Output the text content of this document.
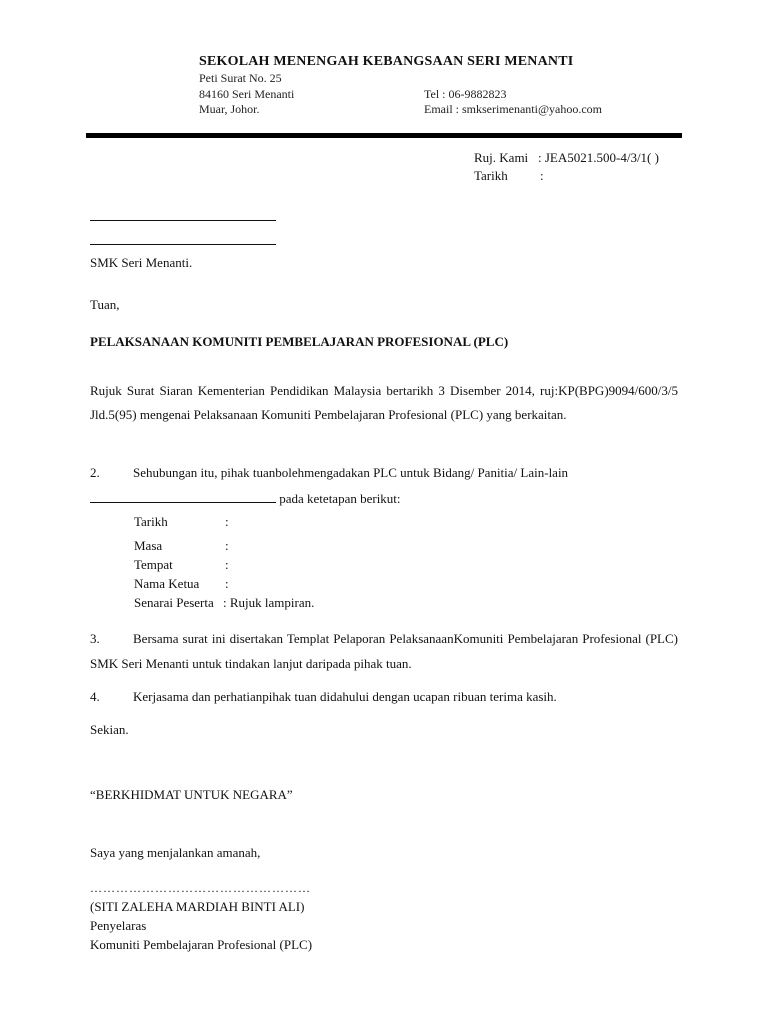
SEKOLAH MENENGAH KEBANGSAAN SERI MENANTI
Peti Surat No. 25
84160 Seri Menanti
Muar, Johor.
Tel : 06-9882823
Email : smkserimenanti@yahoo.com
Ruj. Kami : JEA5021.500-4/3/1( )
Tarikh :
SMK Seri Menanti.
Tuan,
PELAKSANAAN KOMUNITI PEMBELAJARAN PROFESIONAL (PLC)
Rujuk Surat Siaran Kementerian Pendidikan Malaysia bertarikh 3 Disember 2014, ruj:KP(BPG)9094/600/3/5 Jld.5(95) mengenai Pelaksanaan Komuniti Pembelajaran Profesional (PLC) yang berkaitan.
2.	Sehubungan itu, pihak tuanbolehmengadakan PLC untuk Bidang/ Panitia/ Lain-lain
pada ketetapan berikut:
Tarikh	:
Masa	:
Tempat	:
Nama Ketua :
Senarai Peserta : Rujuk lampiran.
3.	Bersama surat ini disertakan Templat Pelaporan PelaksanaanKomuniti Pembelajaran Profesional (PLC) SMK Seri Menanti untuk tindakan lanjut daripada pihak tuan.
4.	Kerjasama dan perhatianpihak tuan didahului dengan ucapan ribuan terima kasih.
Sekian.
“BERKHIDMAT UNTUK NEGARA”
Saya yang menjalankan amanah,
……………………………………………
(SITI ZALEHA MARDIAH BINTI ALI)
Penyelaras
Komuniti Pembelajaran Profesional (PLC)
